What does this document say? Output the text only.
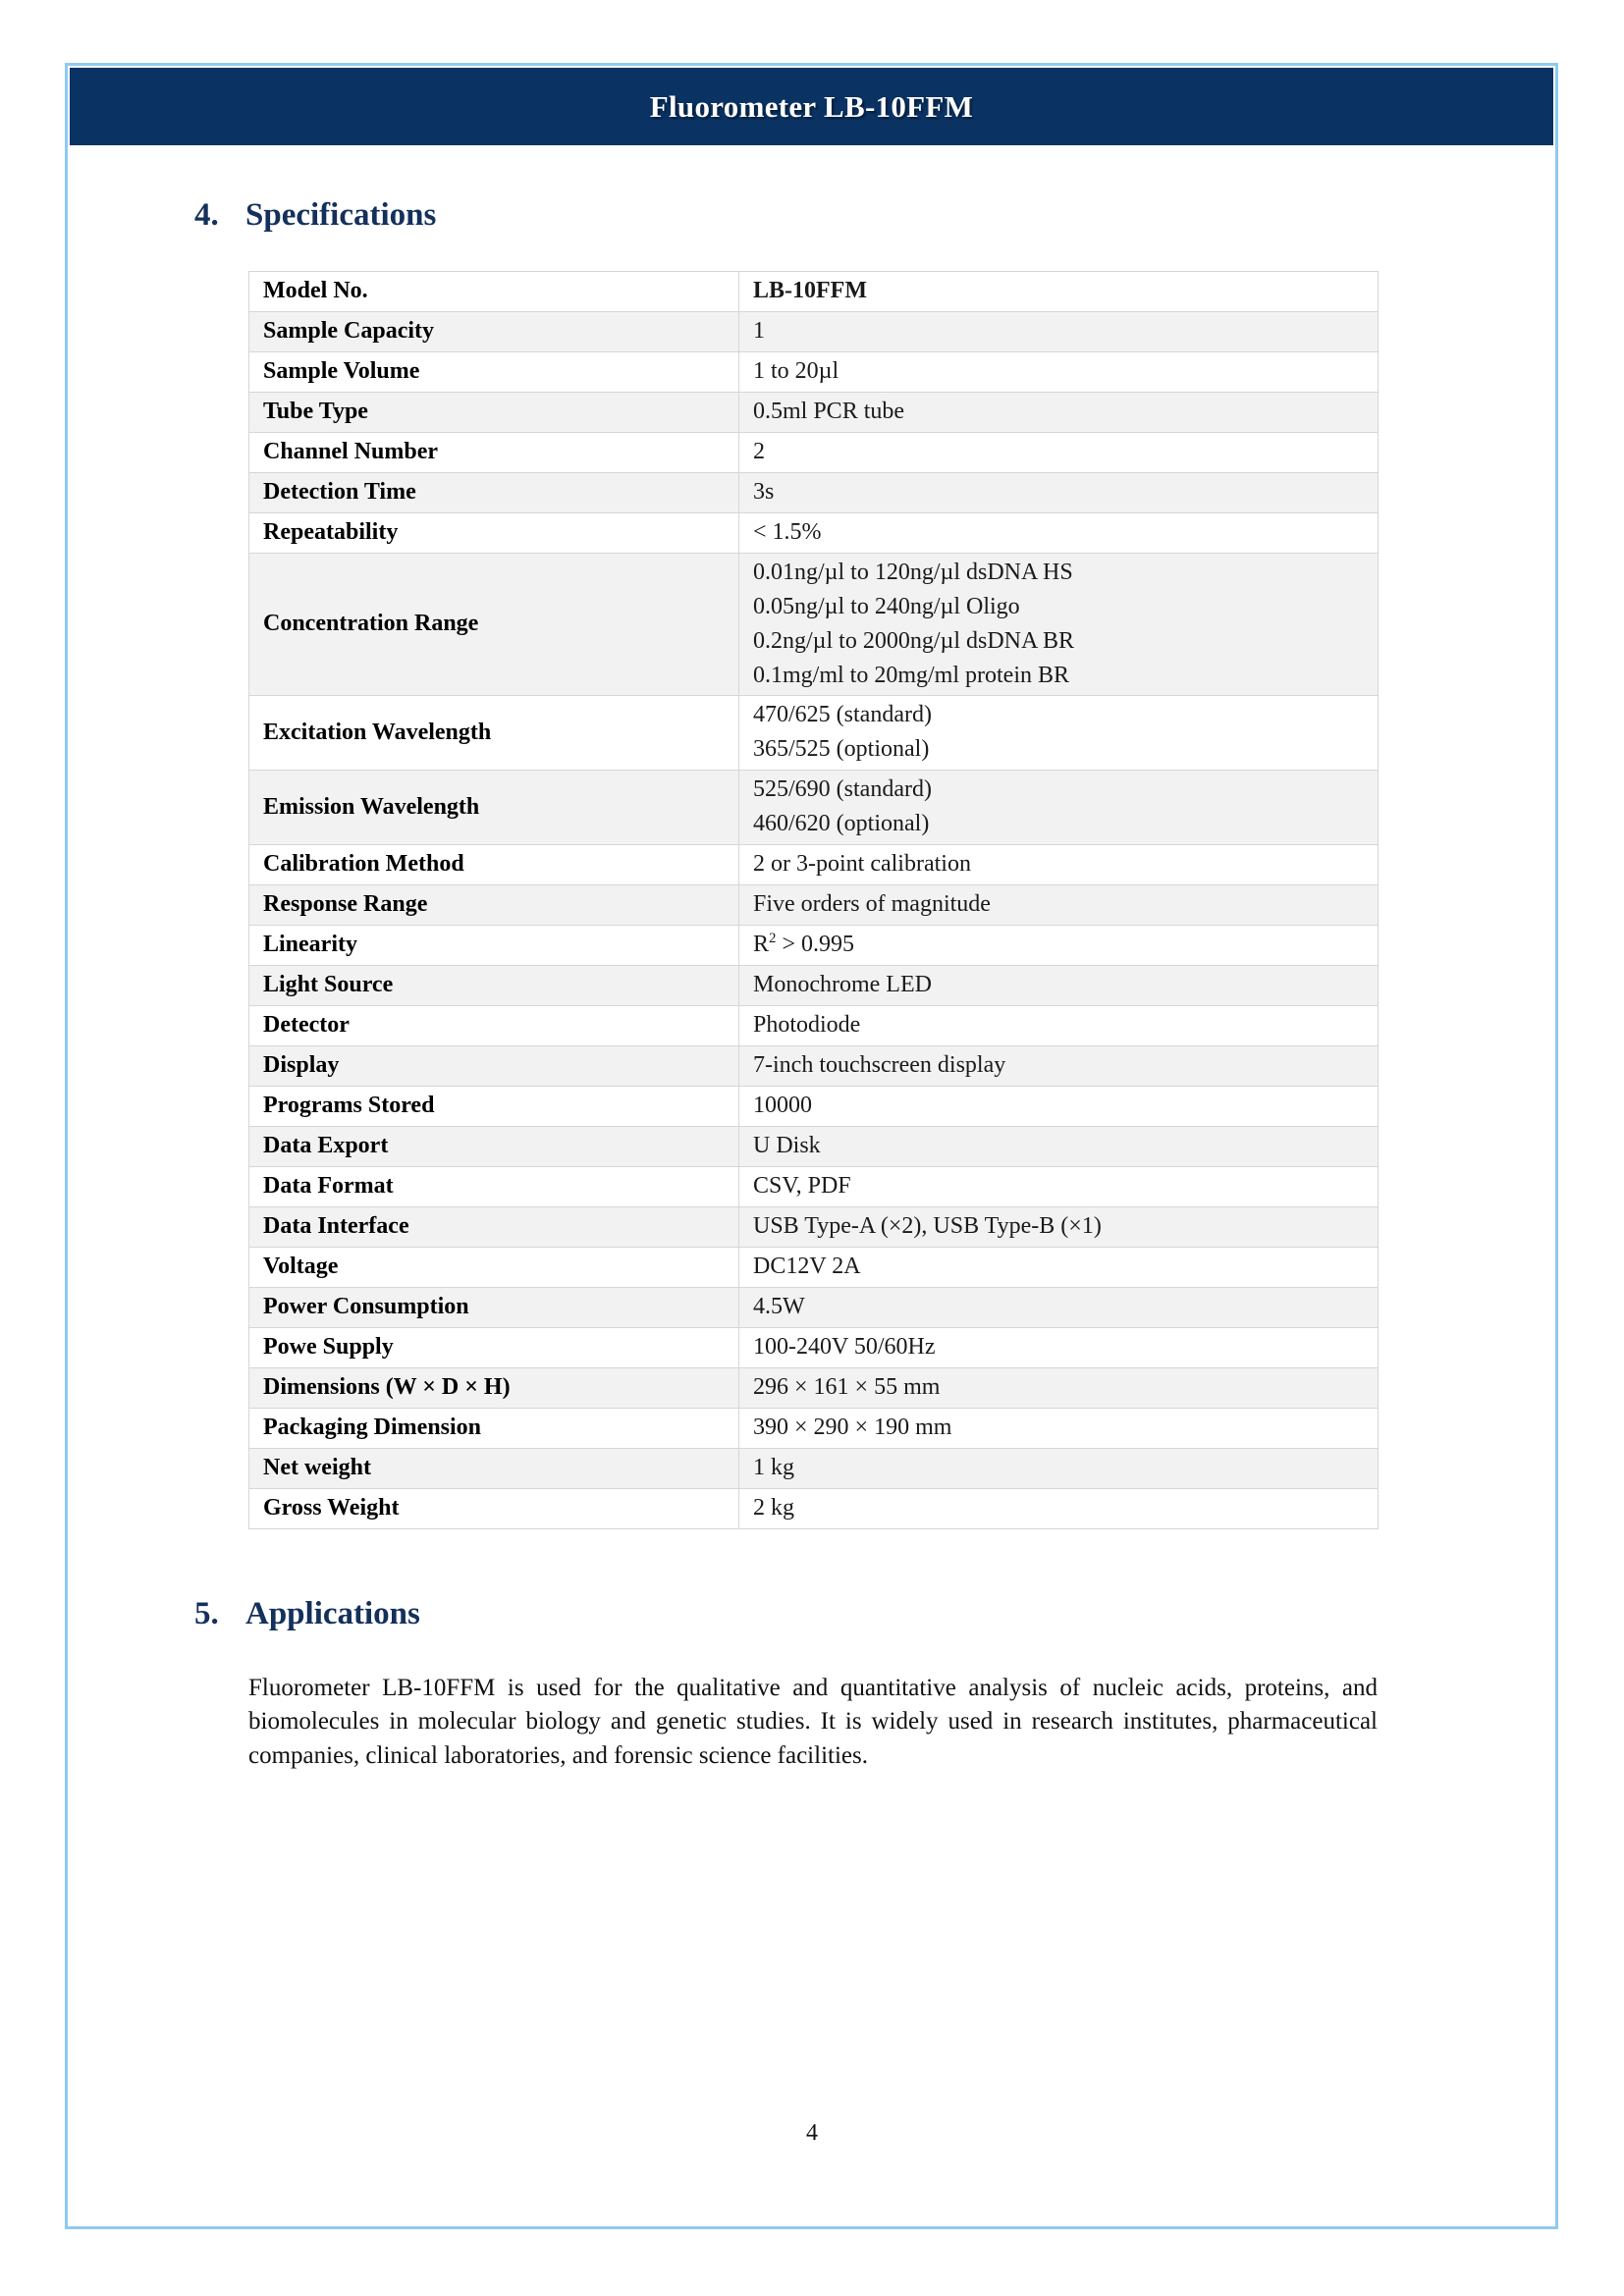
Fluorometer LB-10FFM
4. Specifications
Model No.	LB-10FFM

Sample Capacity	1

Sample Volume	1 to 20µl

Tube Type	0.5ml PCR tube

Channel Number	2

Detection Time	3s

Repeatability	< 1.5%

Concentration Range	0.01ng/µl to 120ng/µl dsDNA HS
0.05ng/µl to 240ng/µl Oligo
0.2ng/µl to 2000ng/µl dsDNA BR
0.1mg/ml to 20mg/ml protein BR

Excitation Wavelength	470/625 (standard)
365/525 (optional)

Emission Wavelength	525/690 (standard)
460/620 (optional)

Calibration Method	2 or 3-point calibration

Response Range	Five orders of magnitude

Linearity	$R^2 > 0.995$

Light Source	Monochrome LED

Detector	Photodiode

Display	7-inch touchscreen display

Programs Stored	10000

Data Export	U Disk

Data Format	CSV, PDF

Data Interface	USB Type-A (×2), USB Type-B (×1)

Voltage	DC12V 2A

Power Consumption	4.5W

Powe Supply	100-240V 50/60Hz

Dimensions (W × D × H)	296 × 161 × 55 mm

Packaging Dimension	390 × 290 × 190 mm

Net weight	1 kg

Gross Weight	2 kg
5. Applications

Fluorometer LB-10FFM is used for the qualitative and quantitative analysis of nucleic acids, proteins, and biomolecules in molecular biology and genetic studies. It is widely used in research institutes, pharmaceutical companies, clinical laboratories, and forensic science facilities.

4
